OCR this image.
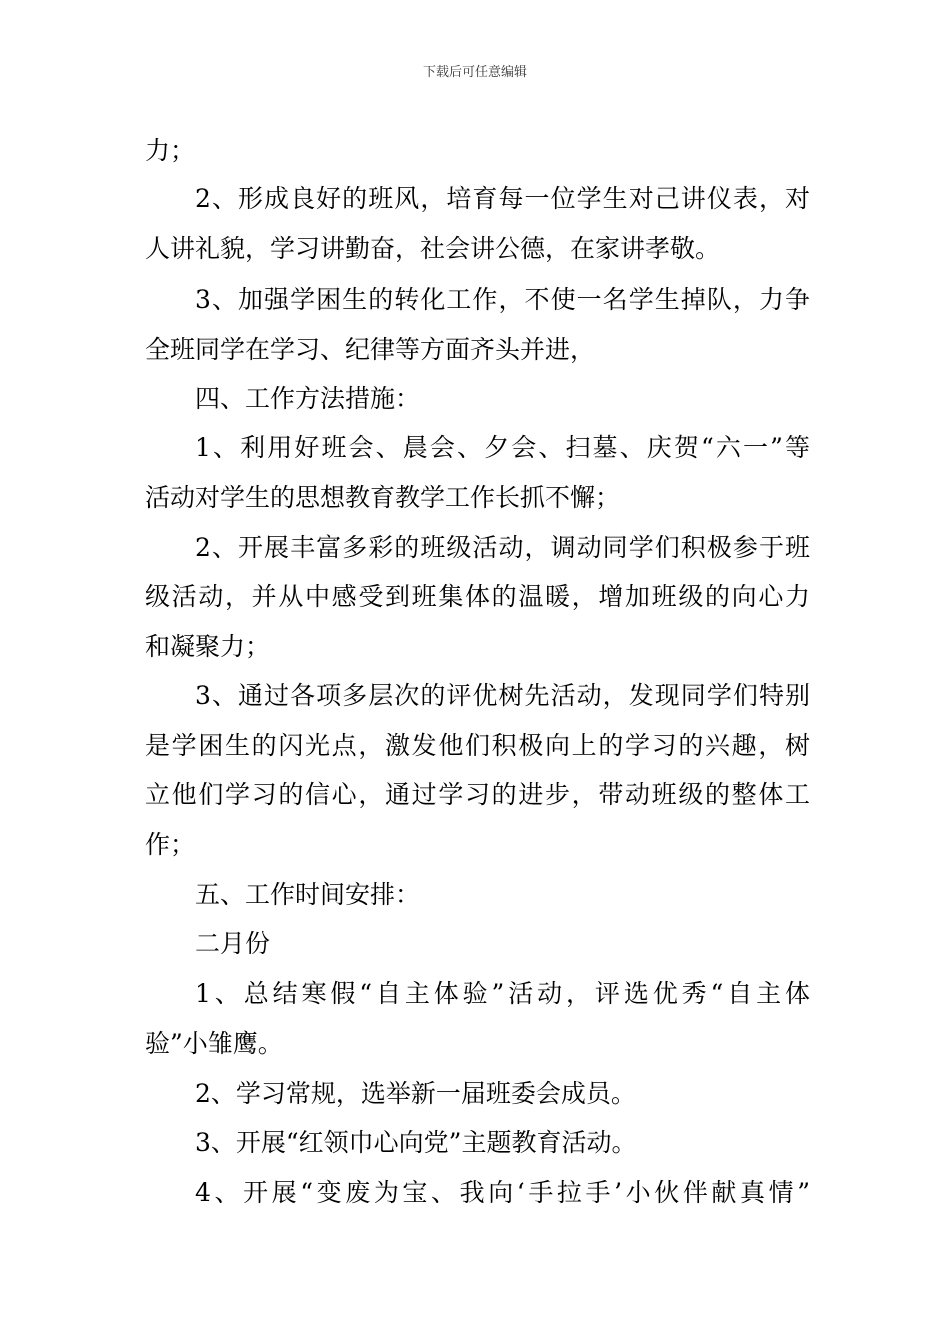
下载后可任意编辑
力；
2、形成良好的班风，培育每一位学生对己讲仪表，对
人讲礼貌，学习讲勤奋，社会讲公德，在家讲孝敬。
3、加强学困生的转化工作，不使一名学生掉队，力争
全班同学在学习、纪律等方面齐头并进，
四、工作方法措施：
1、利用好班会、晨会、夕会、扫墓、庆贺“六一”等
活动对学生的思想教育教学工作长抓不懈；
2、开展丰富多彩的班级活动，调动同学们积极参于班
级活动，并从中感受到班集体的温暖，增加班级的向心力
和凝聚力；
3、通过各项多层次的评优树先活动，发现同学们特别
是学困生的闪光点，激发他们积极向上的学习的兴趣，树
立他们学习的信心，通过学习的进步，带动班级的整体工
作；
五、工作时间安排：
二月份
1、总结寒假“自主体验”活动，评选优秀“自主体
验”小雏鹰。
2、学习常规，选举新一届班委会成员。
3、开展“红领巾心向党”主题教育活动。
4、开展“变废为宝、我向‘手拉手’小伙伴献真情”
